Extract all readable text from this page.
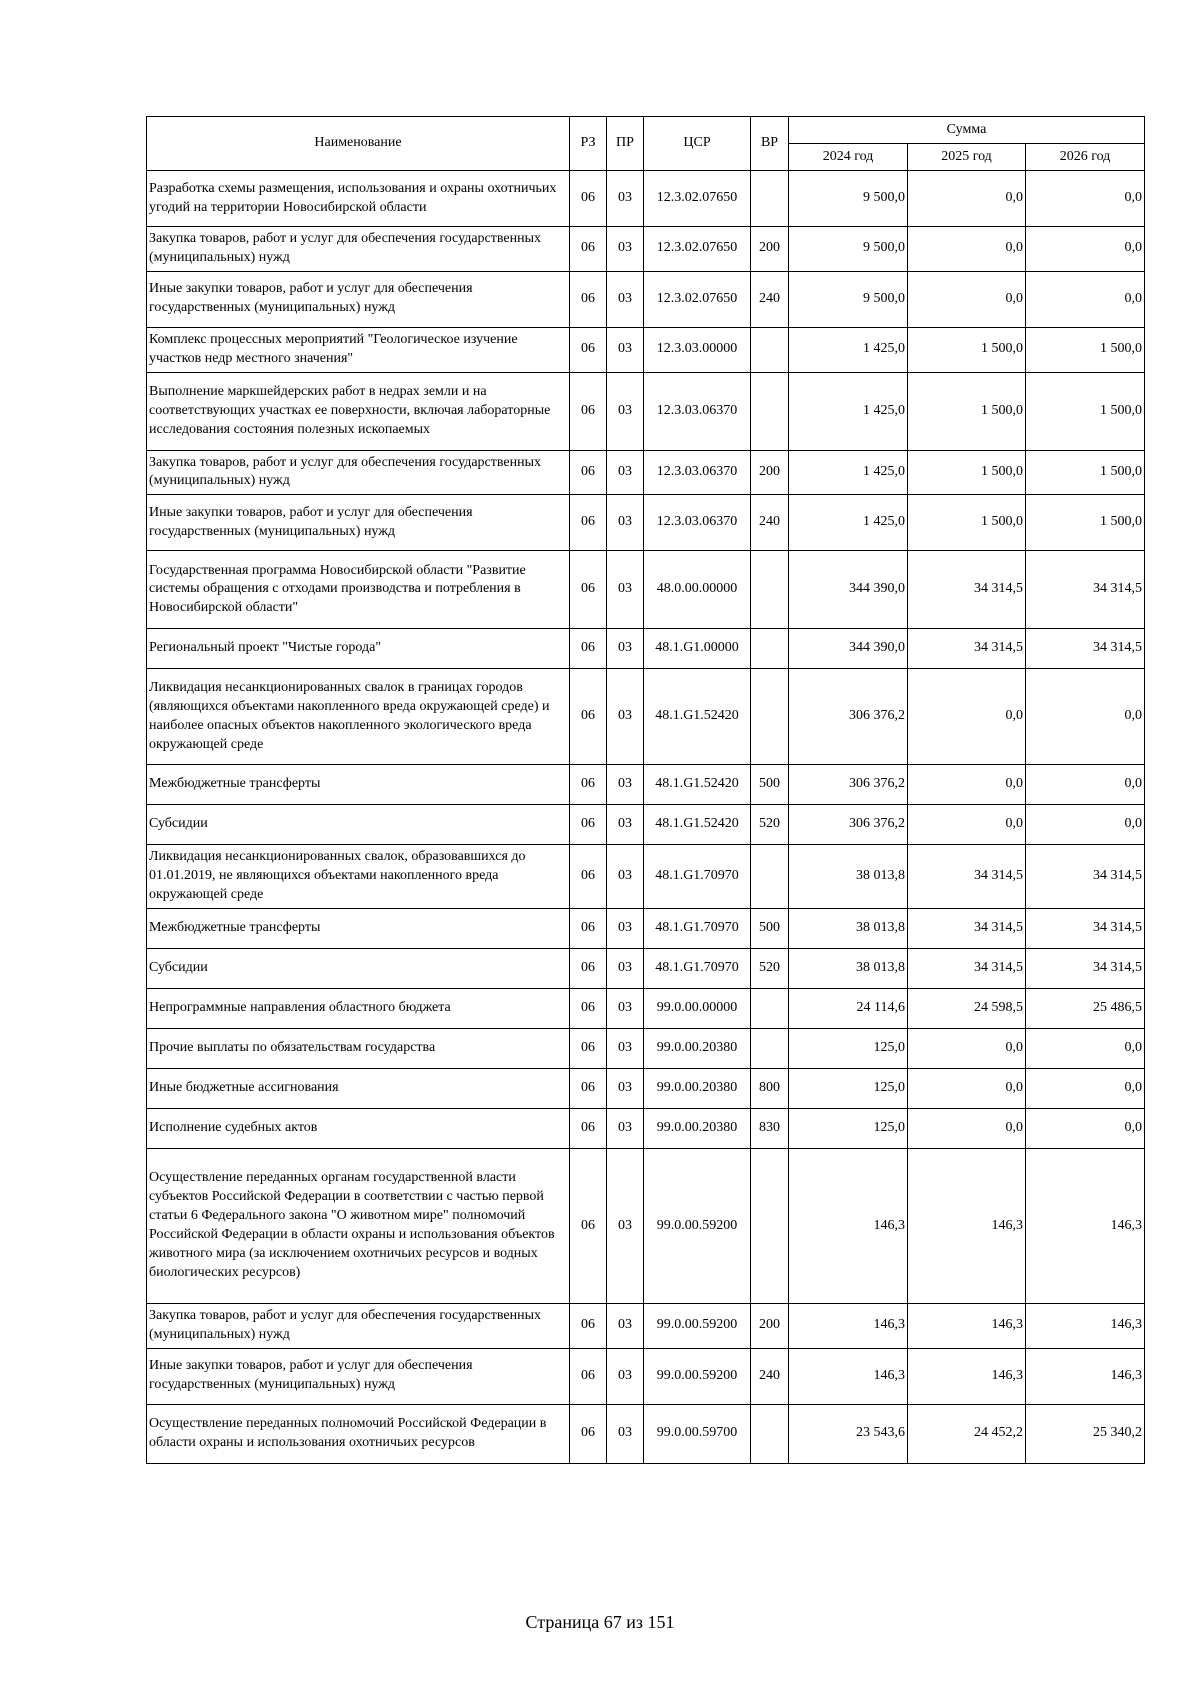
Наименование	РЗ	ПР	ЦСР	ВР	Сумма		
					2024 год	2025 год	2026 год
Разработка схемы размещения, использования и охраны охотничьих угодий на территории Новосибирской области	06	03	12.3.02.07650		9 500,0	0,0	0,0
Закупка товаров, работ и услуг для обеспечения государственных (муниципальных) нужд	06	03	12.3.02.07650	200	9 500,0	0,0	0,0
Иные закупки товаров, работ и услуг для обеспечения государственных (муниципальных) нужд	06	03	12.3.02.07650	240	9 500,0	0,0	0,0
Комплекс процессных мероприятий "Геологическое изучение участков недр местного значения"	06	03	12.3.03.00000		1 425,0	1 500,0	1 500,0
Выполнение маркшейдерских работ в недрах земли и на соответствующих участках ее поверхности, включая лабораторные исследования состояния полезных ископаемых	06	03	12.3.03.06370		1 425,0	1 500,0	1 500,0
Закупка товаров, работ и услуг для обеспечения государственных (муниципальных) нужд	06	03	12.3.03.06370	200	1 425,0	1 500,0	1 500,0
Иные закупки товаров, работ и услуг для обеспечения государственных (муниципальных) нужд	06	03	12.3.03.06370	240	1 425,0	1 500,0	1 500,0
Государственная программа Новосибирской области "Развитие системы обращения с отходами производства и потребления в Новосибирской области"	06	03	48.0.00.00000		344 390,0	34 314,5	34 314,5
Региональный проект "Чистые города"	06	03	48.1.G1.00000		344 390,0	34 314,5	34 314,5
Ликвидация несанкционированных свалок в границах городов (являющихся объектами накопленного вреда окружающей среде) и наиболее опасных объектов накопленного экологического вреда окружающей среде	06	03	48.1.G1.52420		306 376,2	0,0	0,0
Межбюджетные трансферты	06	03	48.1.G1.52420	500	306 376,2	0,0	0,0
Субсидии	06	03	48.1.G1.52420	520	306 376,2	0,0	0,0
Ликвидация несанкционированных свалок, образовавшихся до 01.01.2019, не являющихся объектами накопленного вреда окружающей среде	06	03	48.1.G1.70970		38 013,8	34 314,5	34 314,5
Межбюджетные трансферты	06	03	48.1.G1.70970	500	38 013,8	34 314,5	34 314,5
Субсидии	06	03	48.1.G1.70970	520	38 013,8	34 314,5	34 314,5
Непрограммные направления областного бюджета	06	03	99.0.00.00000		24 114,6	24 598,5	25 486,5
Прочие выплаты по обязательствам государства	06	03	99.0.00.20380		125,0	0,0	0,0
Иные бюджетные ассигнования	06	03	99.0.00.20380	800	125,0	0,0	0,0
Исполнение судебных актов	06	03	99.0.00.20380	830	125,0	0,0	0,0
Осуществление переданных органам государственной власти субъектов Российской Федерации в соответствии с частью первой статьи 6 Федерального закона "О животном мире" полномочий Российской Федерации в области охраны и использования объектов животного мира (за исключением охотничьих ресурсов и водных биологических ресурсов)	06	03	99.0.00.59200		146,3	146,3	146,3
Закупка товаров, работ и услуг для обеспечения государственных (муниципальных) нужд	06	03	99.0.00.59200	200	146,3	146,3	146,3
Иные закупки товаров, работ и услуг для обеспечения государственных (муниципальных) нужд	06	03	99.0.00.59200	240	146,3	146,3	146,3
Осуществление переданных полномочий Российской Федерации в области охраны и использования охотничьих ресурсов	06	03	99.0.00.59700		23 543,6	24 452,2	25 340,2
Страница 67 из 151
